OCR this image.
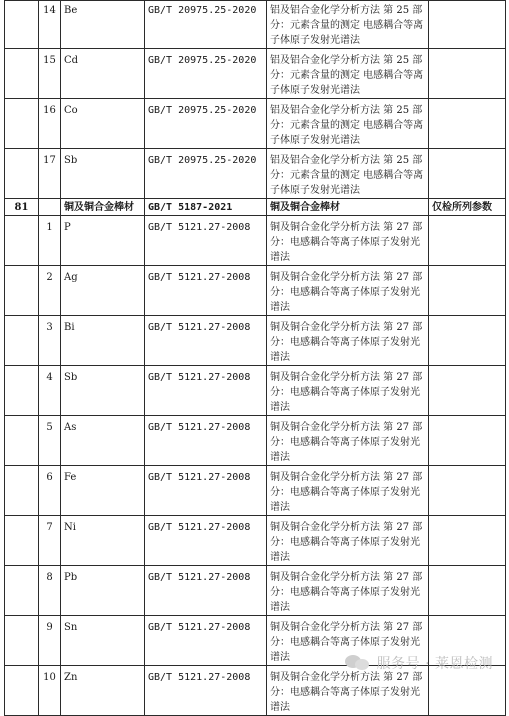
	14	Be	GB/T 20975.25-2020	铝及铝合金化学分析方法 第 25 部分：元素含量的测定 电感耦合等离子体原子发射光谱法	
	15	Cd	GB/T 20975.25-2020	铝及铝合金化学分析方法 第 25 部分：元素含量的测定 电感耦合等离子体原子发射光谱法	
	16	Co	GB/T 20975.25-2020	铝及铝合金化学分析方法 第 25 部分：元素含量的测定 电感耦合等离子体原子发射光谱法	
	17	Sb	GB/T 20975.25-2020	铝及铝合金化学分析方法 第 25 部分：元素含量的测定 电感耦合等离子体原子发射光谱法	
81		铜及铜合金棒材	GB/T 5187-2021	铜及铜合金棒材	仅检所列参数
	1	P	GB/T 5121.27-2008	铜及铜合金化学分析方法 第 27 部分：电感耦合等离子体原子发射光谱法	
	2	Ag	GB/T 5121.27-2008	铜及铜合金化学分析方法 第 27 部分：电感耦合等离子体原子发射光谱法	
	3	Bi	GB/T 5121.27-2008	铜及铜合金化学分析方法 第 27 部分：电感耦合等离子体原子发射光谱法	
	4	Sb	GB/T 5121.27-2008	铜及铜合金化学分析方法 第 27 部分：电感耦合等离子体原子发射光谱法	
	5	As	GB/T 5121.27-2008	铜及铜合金化学分析方法 第 27 部分：电感耦合等离子体原子发射光谱法	
	6	Fe	GB/T 5121.27-2008	铜及铜合金化学分析方法 第 27 部分：电感耦合等离子体原子发射光谱法	
	7	Ni	GB/T 5121.27-2008	铜及铜合金化学分析方法 第 27 部分：电感耦合等离子体原子发射光谱法	
	8	Pb	GB/T 5121.27-2008	铜及铜合金化学分析方法 第 27 部分：电感耦合等离子体原子发射光谱法	
	9	Sn	GB/T 5121.27-2008	铜及铜合金化学分析方法 第 27 部分：电感耦合等离子体原子发射光谱法	
	10	Zn	GB/T 5121.27-2008	铜及铜合金化学分析方法 第 27 部分：电感耦合等离子体原子发射光谱法	
服务号 · 莱恩检测
